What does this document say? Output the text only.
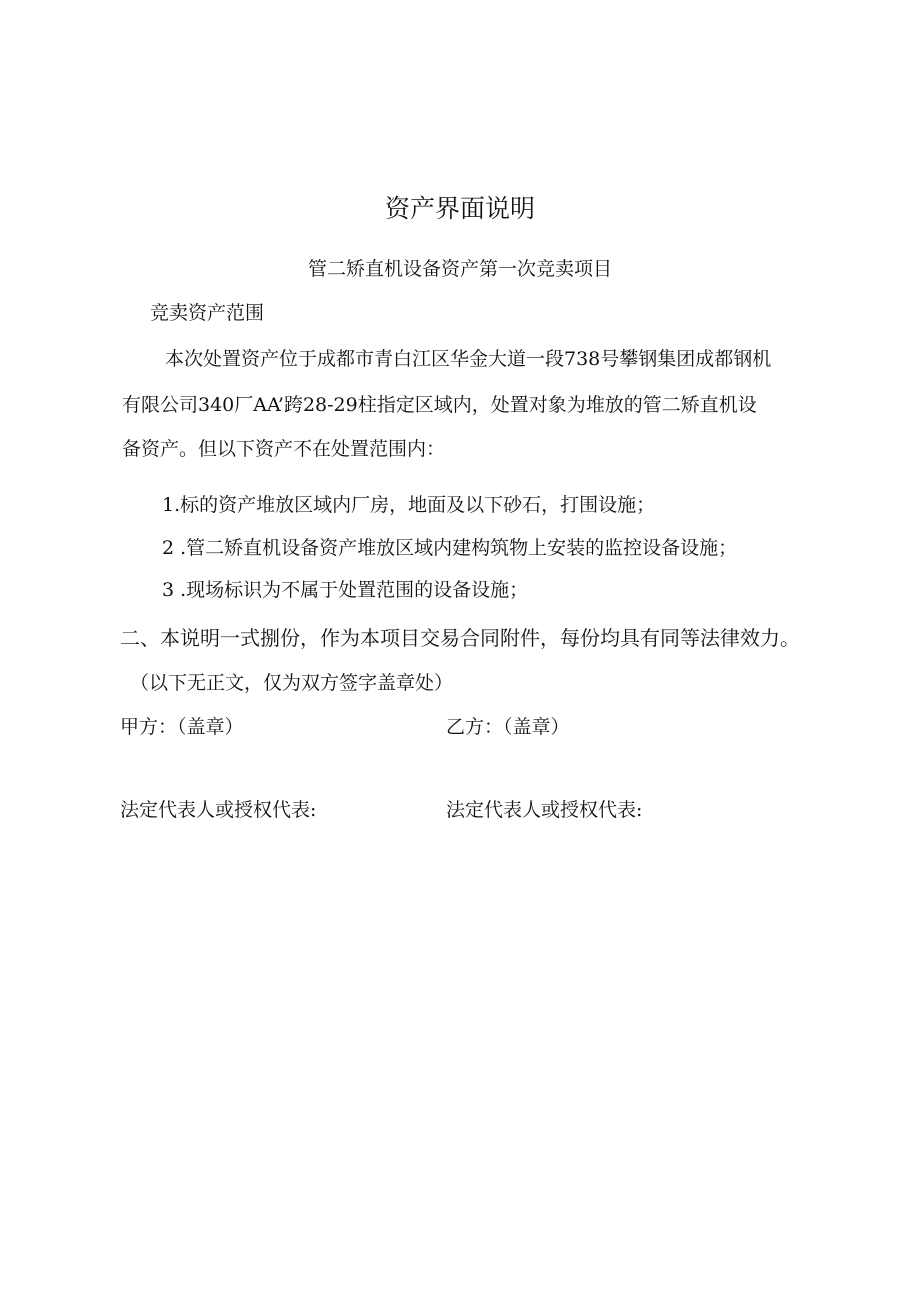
资产界面说明
管二矫直机设备资产第一次竞卖项目
竞卖资产范围
本次处置资产位于成都市青白江区华金大道一段738号攀钢集团成都钢机
有限公司340厂AA’跨28-29柱指定区域内，处置对象为堆放的管二矫直机设
备资产。但以下资产不在处置范围内：
1.标的资产堆放区域内厂房，地面及以下砂石，打围设施；
2 .管二矫直机设备资产堆放区域内建构筑物上安装的监控设备设施；
3 .现场标识为不属于处置范围的设备设施；
二、本说明一式捌份，作为本项目交易合同附件，每份均具有同等法律效力。
（以下无正文，仅为双方签字盖章处）
甲方：（盖章）	乙方：（盖章）
法定代表人或授权代表:	法定代表人或授权代表:
